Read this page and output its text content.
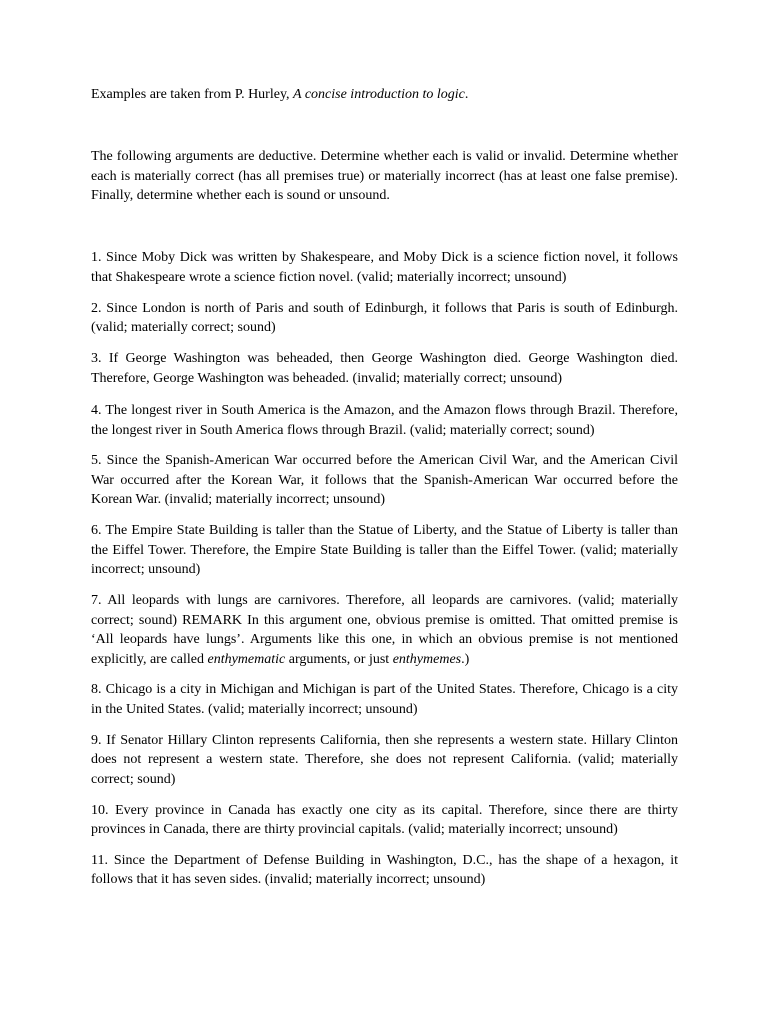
Examples are taken from P. Hurley, A concise introduction to logic.

The following arguments are deductive. Determine whether each is valid or invalid. Determine whether each is materially correct (has all premises true) or materially incorrect (has at least one false premise). Finally, determine whether each is sound or unsound.

1. Since Moby Dick was written by Shakespeare, and Moby Dick is a science fiction novel, it follows that Shakespeare wrote a science fiction novel. (valid; materially incorrect; unsound)
2. Since London is north of Paris and south of Edinburgh, it follows that Paris is south of Edinburgh. (valid; materially correct; sound)
3. If George Washington was beheaded, then George Washington died. George Washington died. Therefore, George Washington was beheaded. (invalid; materially correct; unsound)
4. The longest river in South America is the Amazon, and the Amazon flows through Brazil. Therefore, the longest river in South America flows through Brazil. (valid; materially correct; sound)
5. Since the Spanish-American War occurred before the American Civil War, and the American Civil War occurred after the Korean War, it follows that the Spanish-American War occurred before the Korean War. (invalid; materially incorrect; unsound)
6. The Empire State Building is taller than the Statue of Liberty, and the Statue of Liberty is taller than the Eiffel Tower. Therefore, the Empire State Building is taller than the Eiffel Tower. (valid; materially incorrect; unsound)
7. All leopards with lungs are carnivores. Therefore, all leopards are carnivores. (valid; materially correct; sound) REMARK In this argument one, obvious premise is omitted. That omitted premise is ‘All leopards have lungs’. Arguments like this one, in which an obvious premise is not mentioned explicitly, are called enthymematic arguments, or just enthymemes.)
8. Chicago is a city in Michigan and Michigan is part of the United States. Therefore, Chicago is a city in the United States. (valid; materially incorrect; unsound)
9. If Senator Hillary Clinton represents California, then she represents a western state. Hillary Clinton does not represent a western state. Therefore, she does not represent California. (valid; materially correct; sound)
10. Every province in Canada has exactly one city as its capital. Therefore, since there are thirty provinces in Canada, there are thirty provincial capitals. (valid; materially incorrect; unsound)
11. Since the Department of Defense Building in Washington, D.C., has the shape of a hexagon, it follows that it has seven sides. (invalid; materially incorrect; unsound)
